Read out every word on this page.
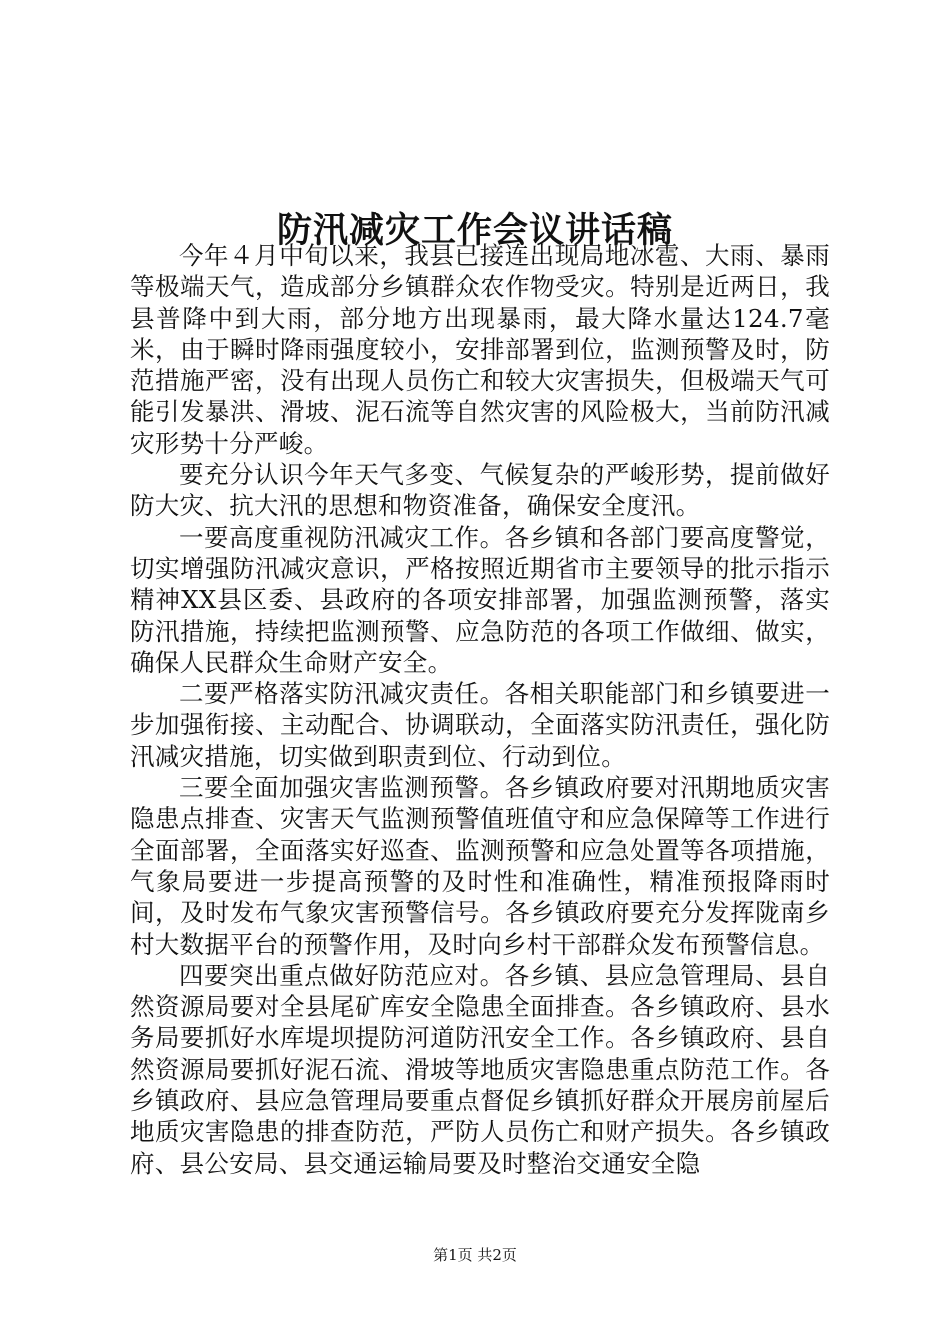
防汛减灾工作会议讲话稿

今年４月中旬以来，我县已接连出现局地冰雹、大雨、暴雨等极端天气，造成部分乡镇群众农作物受灾。特别是近两日，我县普降中到大雨，部分地方出现暴雨，最大降水量达124.7毫米，由于瞬时降雨强度较小，安排部署到位，监测预警及时，防范措施严密，没有出现人员伤亡和较大灾害损失，但极端天气可能引发暴洪、滑坡、泥石流等自然灾害的风险极大，当前防汛减灾形势十分严峻。

要充分认识今年天气多变、气候复杂的严峻形势，提前做好防大灾、抗大汛的思想和物资准备，确保安全度汛。

一要高度重视防汛减灾工作。各乡镇和各部门要高度警觉，切实增强防汛减灾意识，严格按照近期省市主要领导的批示指示精神XX县区委、县政府的各项安排部署，加强监测预警，落实防汛措施，持续把监测预警、应急防范的各项工作做细、做实，确保人民群众生命财产安全。

二要严格落实防汛减灾责任。各相关职能部门和乡镇要进一步加强衔接、主动配合、协调联动，全面落实防汛责任，强化防汛减灾措施，切实做到职责到位、行动到位。

三要全面加强灾害监测预警。各乡镇政府要对汛期地质灾害隐患点排查、灾害天气监测预警值班值守和应急保障等工作进行全面部署，全面落实好巡查、监测预警和应急处置等各项措施，气象局要进一步提高预警的及时性和准确性，精准预报降雨时间，及时发布气象灾害预警信号。各乡镇政府要充分发挥陇南乡村大数据平台的预警作用，及时向乡村干部群众发布预警信息。

四要突出重点做好防范应对。各乡镇、县应急管理局、县自然资源局要对全县尾矿库安全隐患全面排查。各乡镇政府、县水务局要抓好水库堤坝提防河道防汛安全工作。各乡镇政府、县自然资源局要抓好泥石流、滑坡等地质灾害隐患重点防范工作。各乡镇政府、县应急管理局要重点督促乡镇抓好群众开展房前屋后地质灾害隐患的排查防范，严防人员伤亡和财产损失。各乡镇政府、县公安局、县交通运输局要及时整治交通安全隐

第1页 共2页
